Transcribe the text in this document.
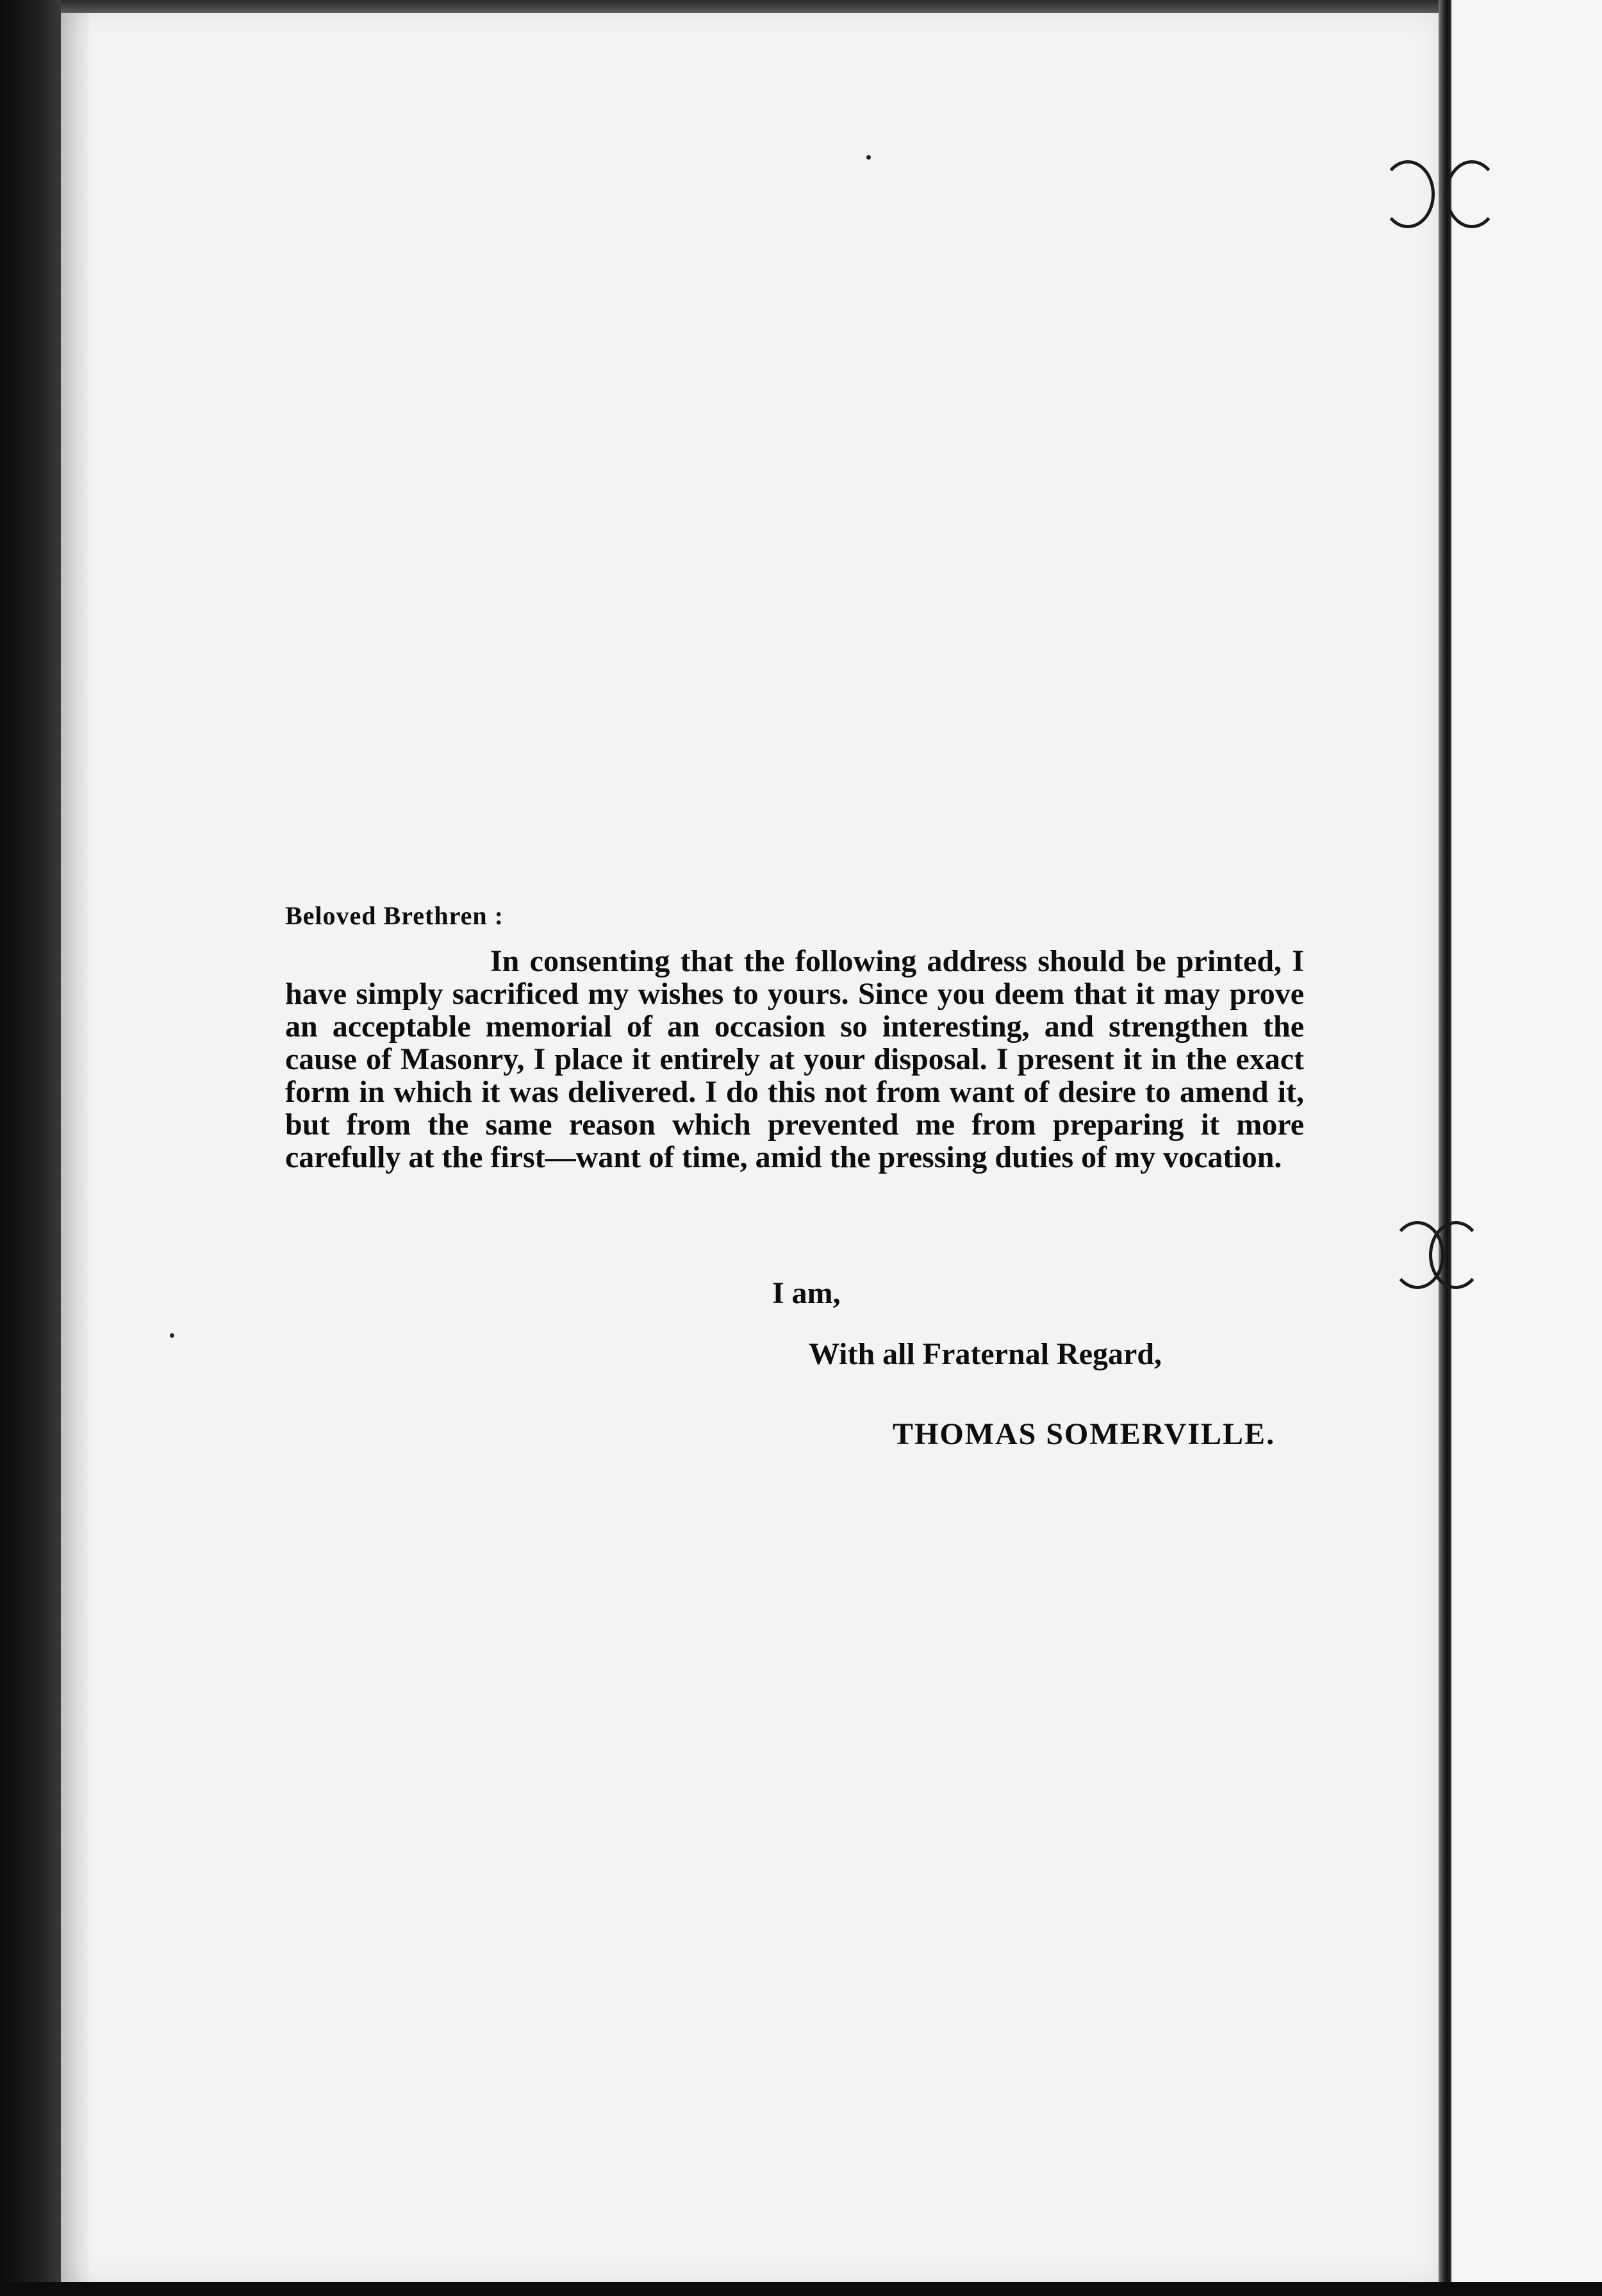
Beloved Brethren :

In consenting that the following address should be printed, I have simply sacrificed my wishes to yours. Since you deem that it may prove an acceptable memorial of an occasion so interesting, and strengthen the cause of Masonry, I place it entirely at your disposal. I present it in the exact form in which it was delivered. I do this not from want of desire to amend it, but from the same reason which prevented me from preparing it more carefully at the first—want of time, amid the pressing duties of my vocation.

I am,
With all Fraternal Regard,
THOMAS SOMERVILLE.
